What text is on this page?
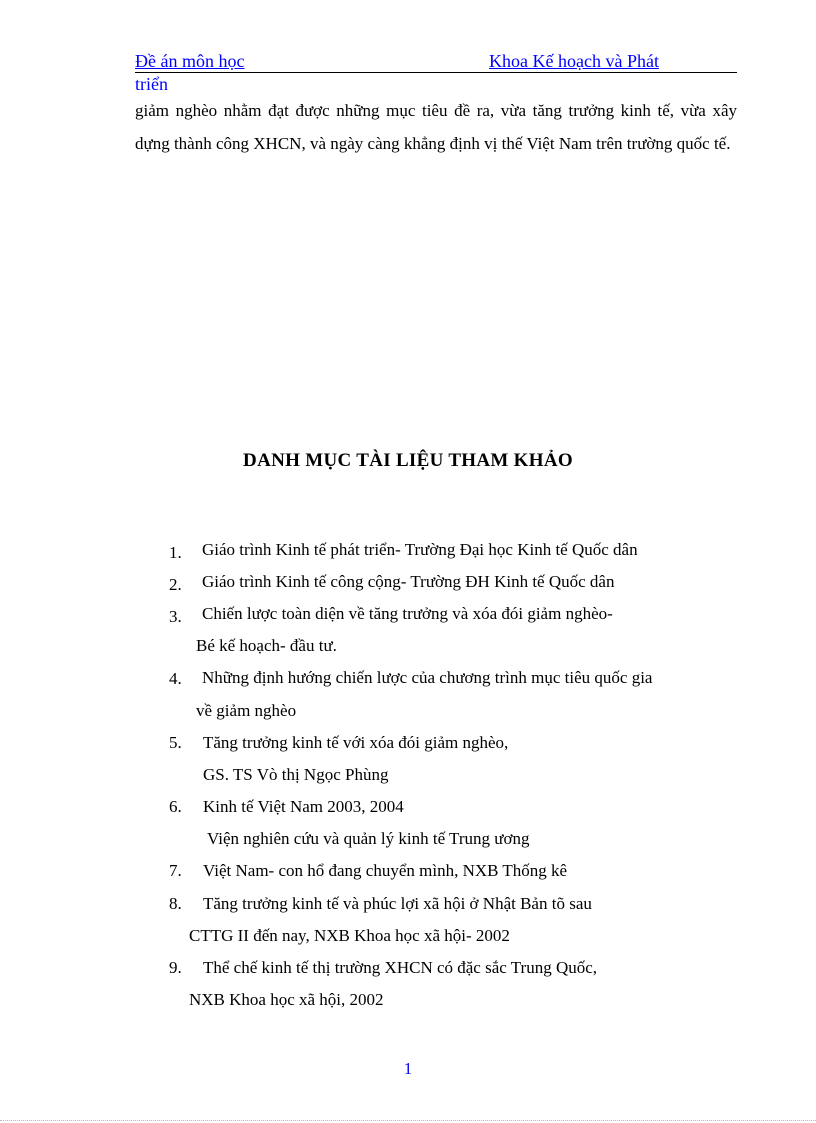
Đề án môn học	Khoa Kế hoạch và Phát
triển

giảm nghèo nhằm đạt được những mục tiêu đề ra, vừa tăng trưởng kinh tế, vừa xây dựng thành công XHCN, và ngày càng khẳng định vị thế Việt Nam trên trường quốc tế.

DANH MỤC TÀI LIỆU THAM KHẢO
1. Giáo trình Kinh tế phát triển- Trường Đại học Kinh tế Quốc dân
2. Giáo trình Kinh tế công cộng- Trường ĐH Kinh tế Quốc dân
3. Chiến lược toàn diện về tăng trưởng và xóa đói giảm nghèo-
Bé kế hoạch- đầu tư.
4. Những định hướng chiến lược của chương trình mục tiêu quốc gia
về giảm nghèo
5. Tăng trưởng kinh tế với xóa đói giảm nghèo,
GS. TS Vò thị Ngọc Phùng
6. Kinh tế Việt Nam 2003, 2004
Viện nghiên cứu và quản lý kinh tế Trung ương
7. Việt Nam- con hổ đang chuyển mình, NXB Thống kê
8. Tăng trưởng kinh tế và phúc lợi xã hội ở Nhật Bản tõ sau
CTTG II đến nay, NXB Khoa học xã hội- 2002
9. Thể chế kinh tế thị trường XHCN có đặc sắc Trung Quốc,
NXB Khoa học xã hội, 2002
1
